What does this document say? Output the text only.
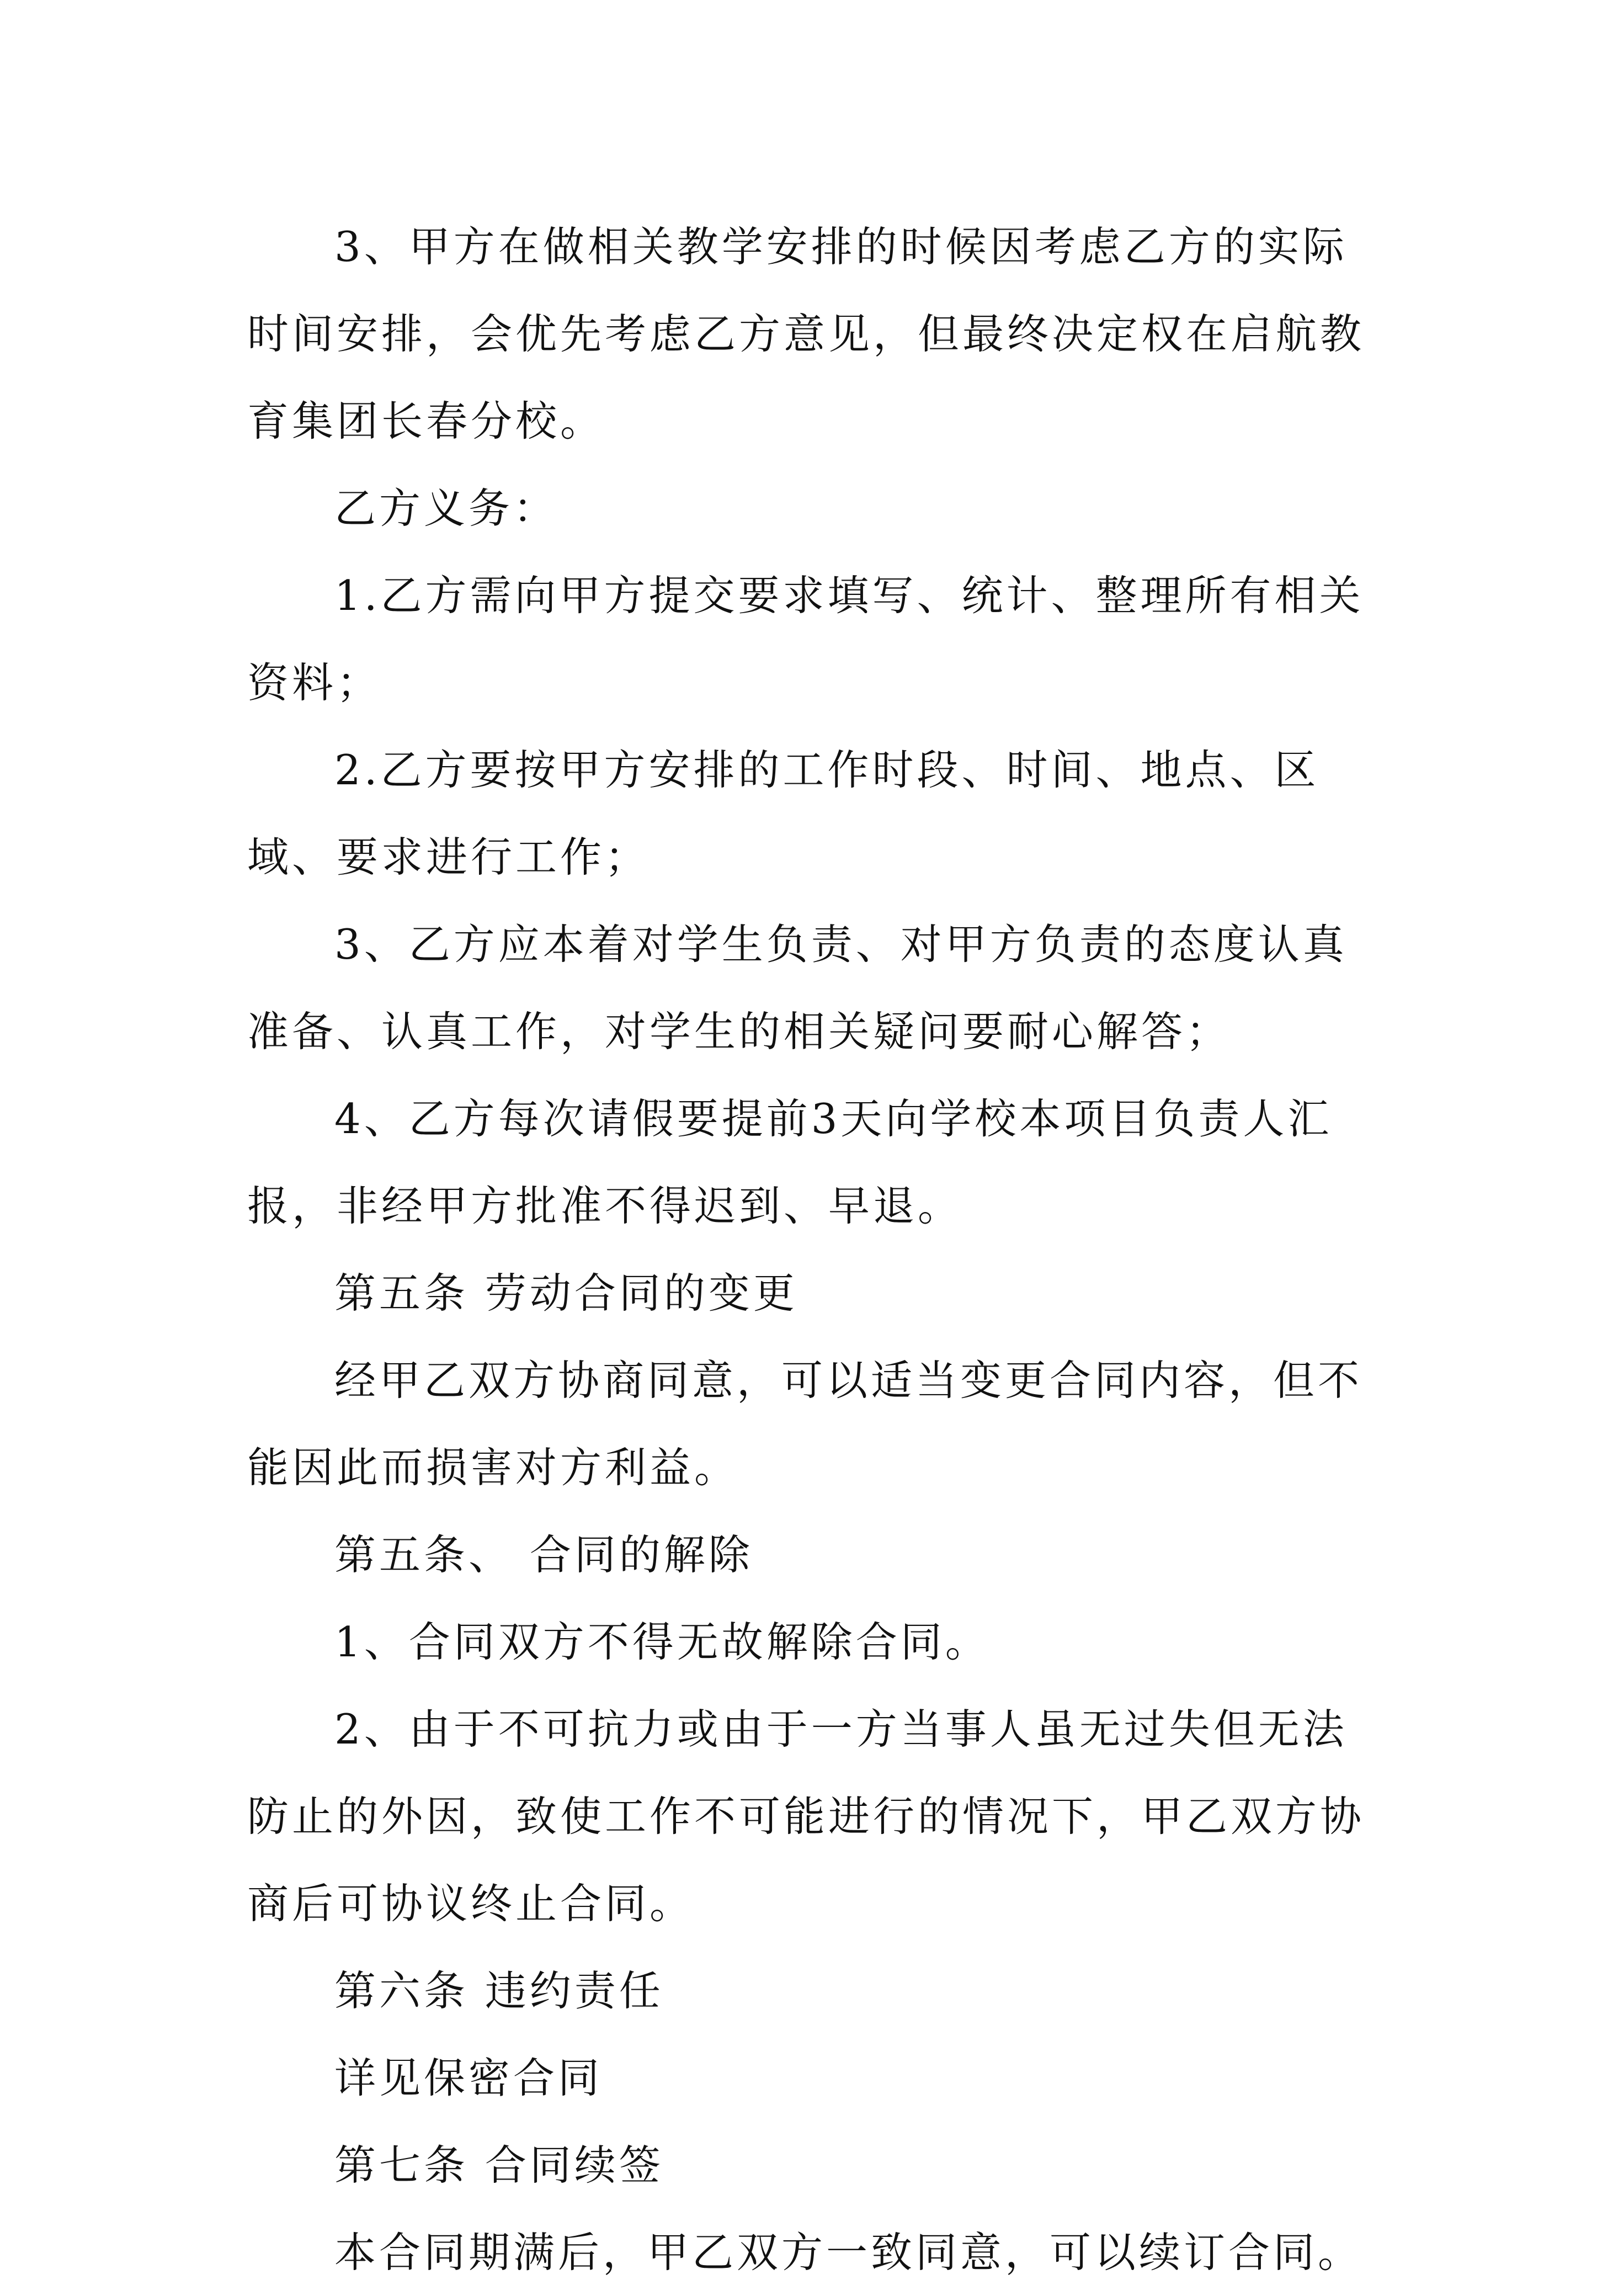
3、甲方在做相关教学安排的时候因考虑乙方的实际时间安排，会优先考虑乙方意见，但最终决定权在启航教育集团长春分校。

乙方义务：

1.乙方需向甲方提交要求填写、统计、整理所有相关资料；

2.乙方要按甲方安排的工作时段、时间、地点、区域、要求进行工作；

3、乙方应本着对学生负责、对甲方负责的态度认真准备、认真工作，对学生的相关疑问要耐心解答；

4、乙方每次请假要提前3天向学校本项目负责人汇报，非经甲方批准不得迟到、早退。

第五条 劳动合同的变更

经甲乙双方协商同意，可以适当变更合同内容，但不能因此而损害对方利益。

第五条、 合同的解除

1、合同双方不得无故解除合同。

2、由于不可抗力或由于一方当事人虽无过失但无法防止的外因，致使工作不可能进行的情况下，甲乙双方协商后可协议终止合同。

第六条 违约责任

详见保密合同

第七条 合同续签

本合同期满后，甲乙双方一致同意，可以续订合同。
